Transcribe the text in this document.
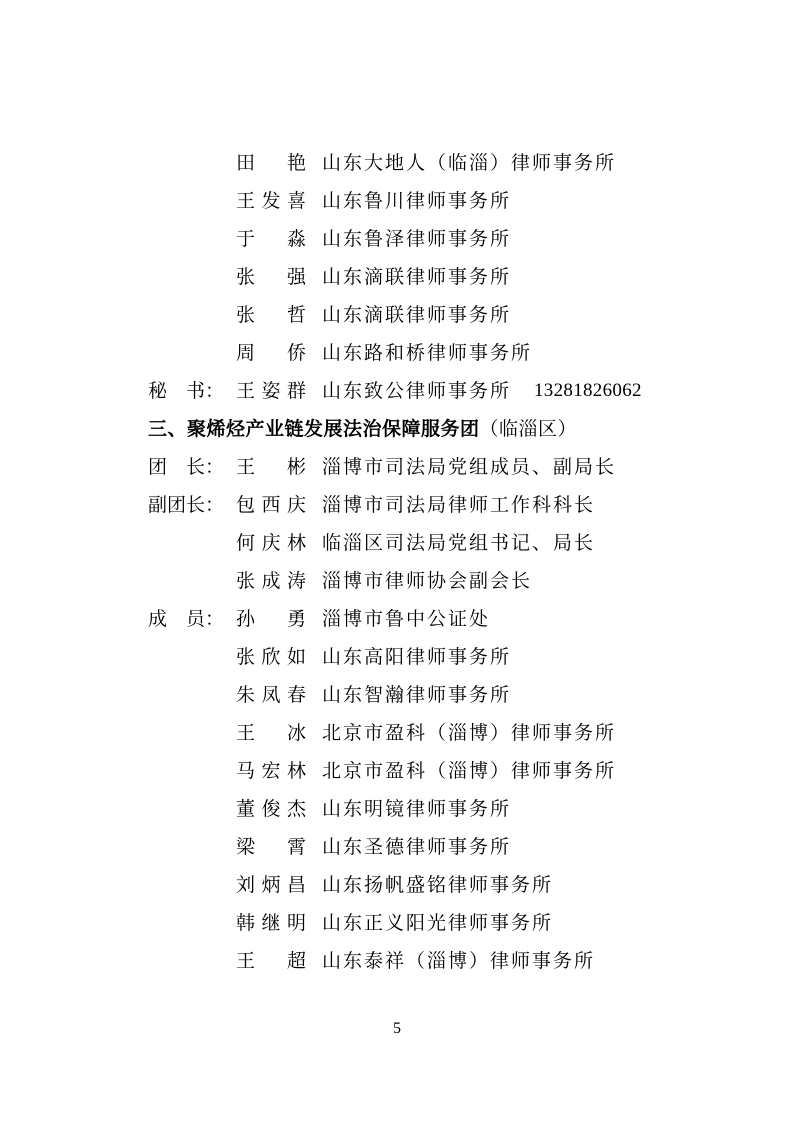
田　艳 山东大地人（临淄）律师事务所
王发喜 山东鲁川律师事务所
于　淼 山东鲁泽律师事务所
张　强 山东滴联律师事务所
张　哲 山东滴联律师事务所
周　侨 山东路和桥律师事务所
秘　书： 王姿群 山东致公律师事务所 13281826062
三、聚烯烃产业链发展法治保障服务团（临淄区）
团　长： 王　彬 淄博市司法局党组成员、副局长
副团长： 包西庆 淄博市司法局律师工作科科长
何庆林 临淄区司法局党组书记、局长
张成涛 淄博市律师协会副会长
成　员： 孙　勇 淄博市鲁中公证处
张欣如 山东高阳律师事务所
朱凤春 山东智瀚律师事务所
王　冰 北京市盈科（淄博）律师事务所
马宏林 北京市盈科（淄博）律师事务所
董俊杰 山东明镜律师事务所
梁　霄 山东圣德律师事务所
刘炳昌 山东扬帆盛铭律师事务所
韩继明 山东正义阳光律师事务所
王　超 山东泰祥（淄博）律师事务所
5
